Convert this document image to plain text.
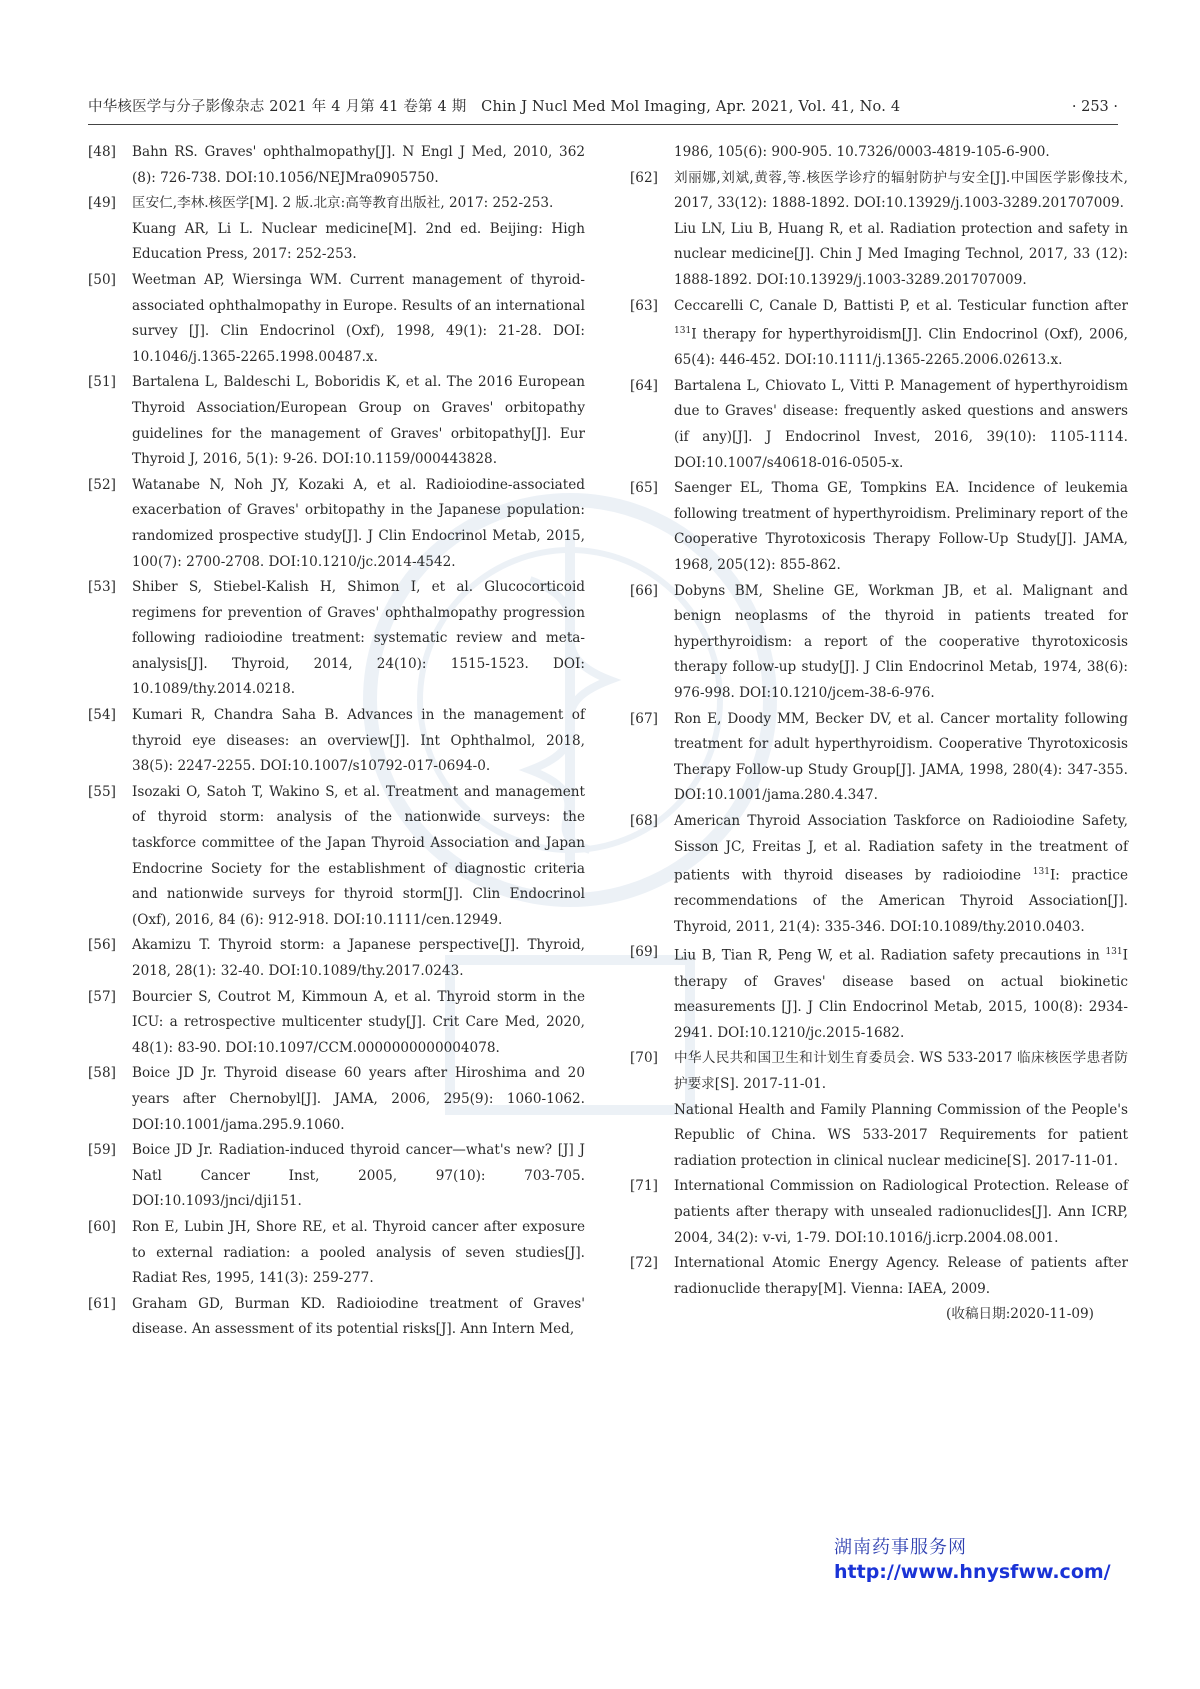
中华核医学与分子影像杂志 2021 年 4 月第 41 卷第 4 期　Chin J Nucl Med Mol Imaging, Apr. 2021, Vol. 41, No. 4	· 253 ·
[48] Bahn RS. Graves' ophthalmopathy[J]. N Engl J Med, 2010, 362 (8): 726-738. DOI:10.1056/NEJMra0905750.
[49] 匡安仁,李林.核医学[M]. 2 版.北京:高等教育出版社, 2017: 252-253.
Kuang AR, Li L. Nuclear medicine[M]. 2nd ed. Beijing: High Education Press, 2017: 252-253.
[50] Weetman AP, Wiersinga WM. Current management of thyroid-associated ophthalmopathy in Europe. Results of an international survey [J]. Clin Endocrinol (Oxf), 1998, 49(1): 21-28. DOI: 10.1046/j.1365-2265.1998.00487.x.
[51] Bartalena L, Baldeschi L, Boboridis K, et al. The 2016 European Thyroid Association/European Group on Graves' orbitopathy guidelines for the management of Graves' orbitopathy[J]. Eur Thyroid J, 2016, 5(1): 9-26. DOI:10.1159/000443828.
[52] Watanabe N, Noh JY, Kozaki A, et al. Radioiodine-associated exacerbation of Graves' orbitopathy in the Japanese population: randomized prospective study[J]. J Clin Endocrinol Metab, 2015, 100(7): 2700-2708. DOI:10.1210/jc.2014-4542.
[53] Shiber S, Stiebel-Kalish H, Shimon I, et al. Glucocorticoid regimens for prevention of Graves' ophthalmopathy progression following radioiodine treatment: systematic review and meta-analysis[J]. Thyroid, 2014, 24(10): 1515-1523. DOI: 10.1089/thy.2014.0218.
[54] Kumari R, Chandra Saha B. Advances in the management of thyroid eye diseases: an overview[J]. Int Ophthalmol, 2018, 38(5): 2247-2255. DOI:10.1007/s10792-017-0694-0.
[55] Isozaki O, Satoh T, Wakino S, et al. Treatment and management of thyroid storm: analysis of the nationwide surveys: the taskforce committee of the Japan Thyroid Association and Japan Endocrine Society for the establishment of diagnostic criteria and nationwide surveys for thyroid storm[J]. Clin Endocrinol (Oxf), 2016, 84 (6): 912-918. DOI:10.1111/cen.12949.
[56] Akamizu T. Thyroid storm: a Japanese perspective[J]. Thyroid, 2018, 28(1): 32-40. DOI:10.1089/thy.2017.0243.
[57] Bourcier S, Coutrot M, Kimmoun A, et al. Thyroid storm in the ICU: a retrospective multicenter study[J]. Crit Care Med, 2020, 48(1): 83-90. DOI:10.1097/CCM.0000000000004078.
[58] Boice JD Jr. Thyroid disease 60 years after Hiroshima and 20 years after Chernobyl[J]. JAMA, 2006, 295(9): 1060-1062. DOI:10.1001/jama.295.9.1060.
[59] Boice JD Jr. Radiation-induced thyroid cancer—what's new? [J] J Natl Cancer Inst, 2005, 97(10): 703-705. DOI:10.1093/jnci/dji151.
[60] Ron E, Lubin JH, Shore RE, et al. Thyroid cancer after exposure to external radiation: a pooled analysis of seven studies[J]. Radiat Res, 1995, 141(3): 259-277.
[61] Graham GD, Burman KD. Radioiodine treatment of Graves' disease. An assessment of its potential risks[J]. Ann Intern Med,
1986, 105(6): 900-905. 10.7326/0003-4819-105-6-900.
[62] 刘丽娜,刘斌,黄蓉,等.核医学诊疗的辐射防护与安全[J].中国医学影像技术, 2017, 33(12): 1888-1892. DOI:10.13929/j.1003-3289.201707009.
Liu LN, Liu B, Huang R, et al. Radiation protection and safety in nuclear medicine[J]. Chin J Med Imaging Technol, 2017, 33 (12): 1888-1892. DOI:10.13929/j.1003-3289.201707009.
[63] Ceccarelli C, Canale D, Battisti P, et al. Testicular function after $^{131}$I therapy for hyperthyroidism[J]. Clin Endocrinol (Oxf), 2006, 65(4): 446-452. DOI:10.1111/j.1365-2265.2006.02613.x.
[64] Bartalena L, Chiovato L, Vitti P. Management of hyperthyroidism due to Graves' disease: frequently asked questions and answers (if any)[J]. J Endocrinol Invest, 2016, 39(10): 1105-1114. DOI:10.1007/s40618-016-0505-x.
[65] Saenger EL, Thoma GE, Tompkins EA. Incidence of leukemia following treatment of hyperthyroidism. Preliminary report of the Cooperative Thyrotoxicosis Therapy Follow-Up Study[J]. JAMA, 1968, 205(12): 855-862.
[66] Dobyns BM, Sheline GE, Workman JB, et al. Malignant and benign neoplasms of the thyroid in patients treated for hyperthyroidism: a report of the cooperative thyrotoxicosis therapy follow-up study[J]. J Clin Endocrinol Metab, 1974, 38(6): 976-998. DOI:10.1210/jcem-38-6-976.
[67] Ron E, Doody MM, Becker DV, et al. Cancer mortality following treatment for adult hyperthyroidism. Cooperative Thyrotoxicosis Therapy Follow-up Study Group[J]. JAMA, 1998, 280(4): 347-355. DOI:10.1001/jama.280.4.347.
[68] American Thyroid Association Taskforce on Radioiodine Safety, Sisson JC, Freitas J, et al. Radiation safety in the treatment of patients with thyroid diseases by radioiodine $^{131}$I: practice recommendations of the American Thyroid Association[J]. Thyroid, 2011, 21(4): 335-346. DOI:10.1089/thy.2010.0403.
[69] Liu B, Tian R, Peng W, et al. Radiation safety precautions in $^{131}$I therapy of Graves' disease based on actual biokinetic measurements [J]. J Clin Endocrinol Metab, 2015, 100(8): 2934-2941. DOI:10.1210/jc.2015-1682.
[70] 中华人民共和国卫生和计划生育委员会. WS 533-2017 临床核医学患者防护要求[S]. 2017-11-01.
National Health and Family Planning Commission of the People's Republic of China. WS 533-2017 Requirements for patient radiation protection in clinical nuclear medicine[S]. 2017-11-01.
[71] International Commission on Radiological Protection. Release of patients after therapy with unsealed radionuclides[J]. Ann ICRP, 2004, 34(2): v-vi, 1-79. DOI:10.1016/j.icrp.2004.08.001.
[72] International Atomic Energy Agency. Release of patients after radionuclide therapy[M]. Vienna: IAEA, 2009.
(收稿日期:2020-11-09)
湖南药事服务网
http://www.hnysfww.com/
